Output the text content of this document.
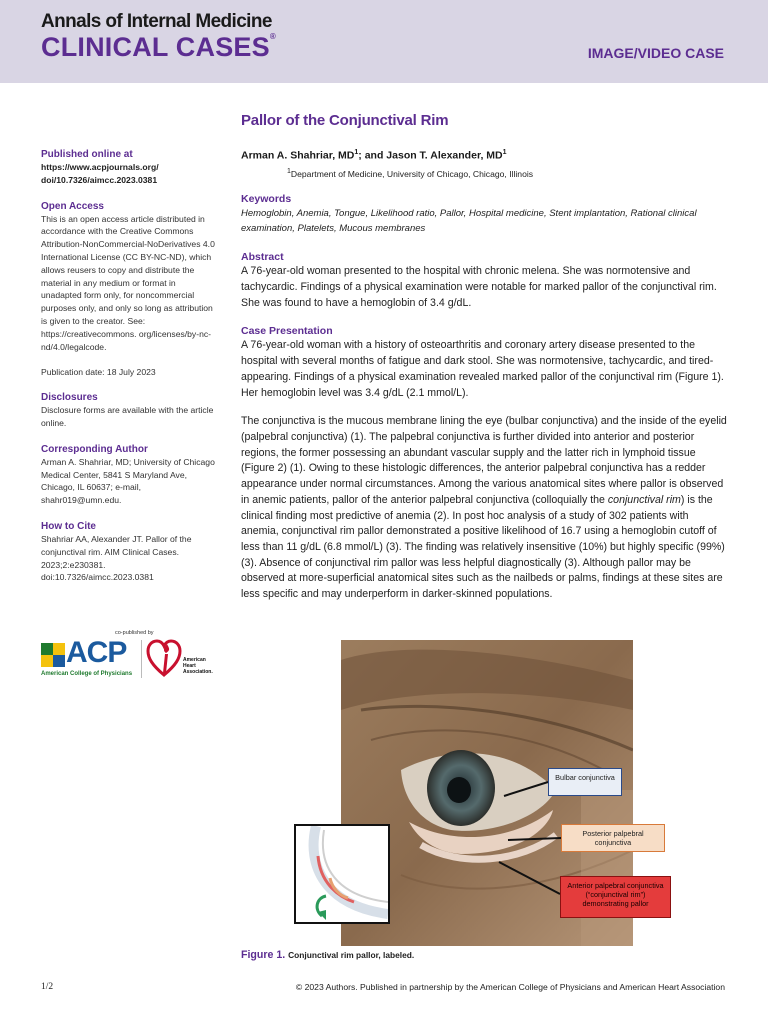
Annals of Internal Medicine
CLINICAL CASES®
IMAGE/VIDEO CASE
Published online at
https://www.acpjournals.org/
doi/10.7326/aimcc.2023.0381
Open Access
This is an open access article distributed in accordance with the Creative Commons Attribution-NonCommercial-NoDerivatives 4.0 International License (CC BY-NC-ND), which allows reusers to copy and distribute the material in any medium or format in unadapted form only, for noncommercial purposes only, and only so long as attribution is given to the creator. See: https://creativecommons. org/licenses/by-nc-nd/4.0/legalcode.
Publication date: 18 July 2023
Disclosures
Disclosure forms are available with the article online.
Corresponding Author
Arman A. Shahriar, MD; University of Chicago Medical Center, 5841 S Maryland Ave, Chicago, IL 60637; e-mail, shahr019@umn.edu.
How to Cite
Shahriar AA, Alexander JT. Pallor of the conjunctival rim. AIM Clinical Cases. 2023;2:e230381. doi:10.7326/aimcc.2023.0381
co-published by
ACP
American College of Physicians
American
Heart
Association.
Pallor of the Conjunctival Rim
Arman A. Shahriar, $MD^1$; and Jason T. Alexander, $MD^1$
$^1$Department of Medicine, University of Chicago, Chicago, Illinois
Keywords
Hemoglobin, Anemia, Tongue, Likelihood ratio, Pallor, Hospital medicine, Stent implantation, Rational clinical examination, Platelets, Mucous membranes
Abstract
A 76-year-old woman presented to the hospital with chronic melena. She was normotensive and tachycardic. Findings of a physical examination were notable for marked pallor of the conjunctival rim. She was found to have a hemoglobin of 3.4 g/dL.
Case Presentation
A 76-year-old woman with a history of osteoarthritis and coronary artery disease presented to the hospital with several months of fatigue and dark stool. She was normotensive, tachycardic, and tired-appearing. Findings of a physical examination revealed marked pallor of the conjunctival rim (Figure 1). Her hemoglobin level was 3.4 g/dL (2.1 mmol/L).
The conjunctiva is the mucous membrane lining the eye (bulbar conjunctiva) and the inside of the eyelid (palpebral conjunctiva) (1). The palpebral conjunctiva is further divided into anterior and posterior regions, the former possessing an abundant vascular supply and the latter rich in lymphoid tissue (Figure 2) (1). Owing to these histologic differences, the anterior palpebral conjunctiva has a redder appearance under normal circumstances. Among the various anatomical sites where pallor is observed in anemic patients, pallor of the anterior palpebral conjunctiva (colloquially the conjunctival rim) is the clinical finding most predictive of anemia (2). In post hoc analysis of a study of 302 patients with anemia, conjunctival rim pallor demonstrated a positive likelihood of 16.7 using a hemoglobin cutoff of less than 11 g/dL (6.8 mmol/L) (3). The finding was relatively insensitive (10%) but highly specific (99%) (3). Absence of conjunctival rim pallor was less helpful diagnostically (3). Although pallor may be observed at more-superficial anatomical sites such as the nailbeds or palms, findings at these sites are less specific and may underperform in darker-skinned populations.
Bulbar conjunctiva
Posterior palpebral conjunctiva
Anterior palpebral conjunctiva (“conjunctival rim”) demonstrating pallor
Figure 1. Conjunctival rim pallor, labeled.
1/2	© 2023 Authors. Published in partnership by the American College of Physicians and American Heart Association
